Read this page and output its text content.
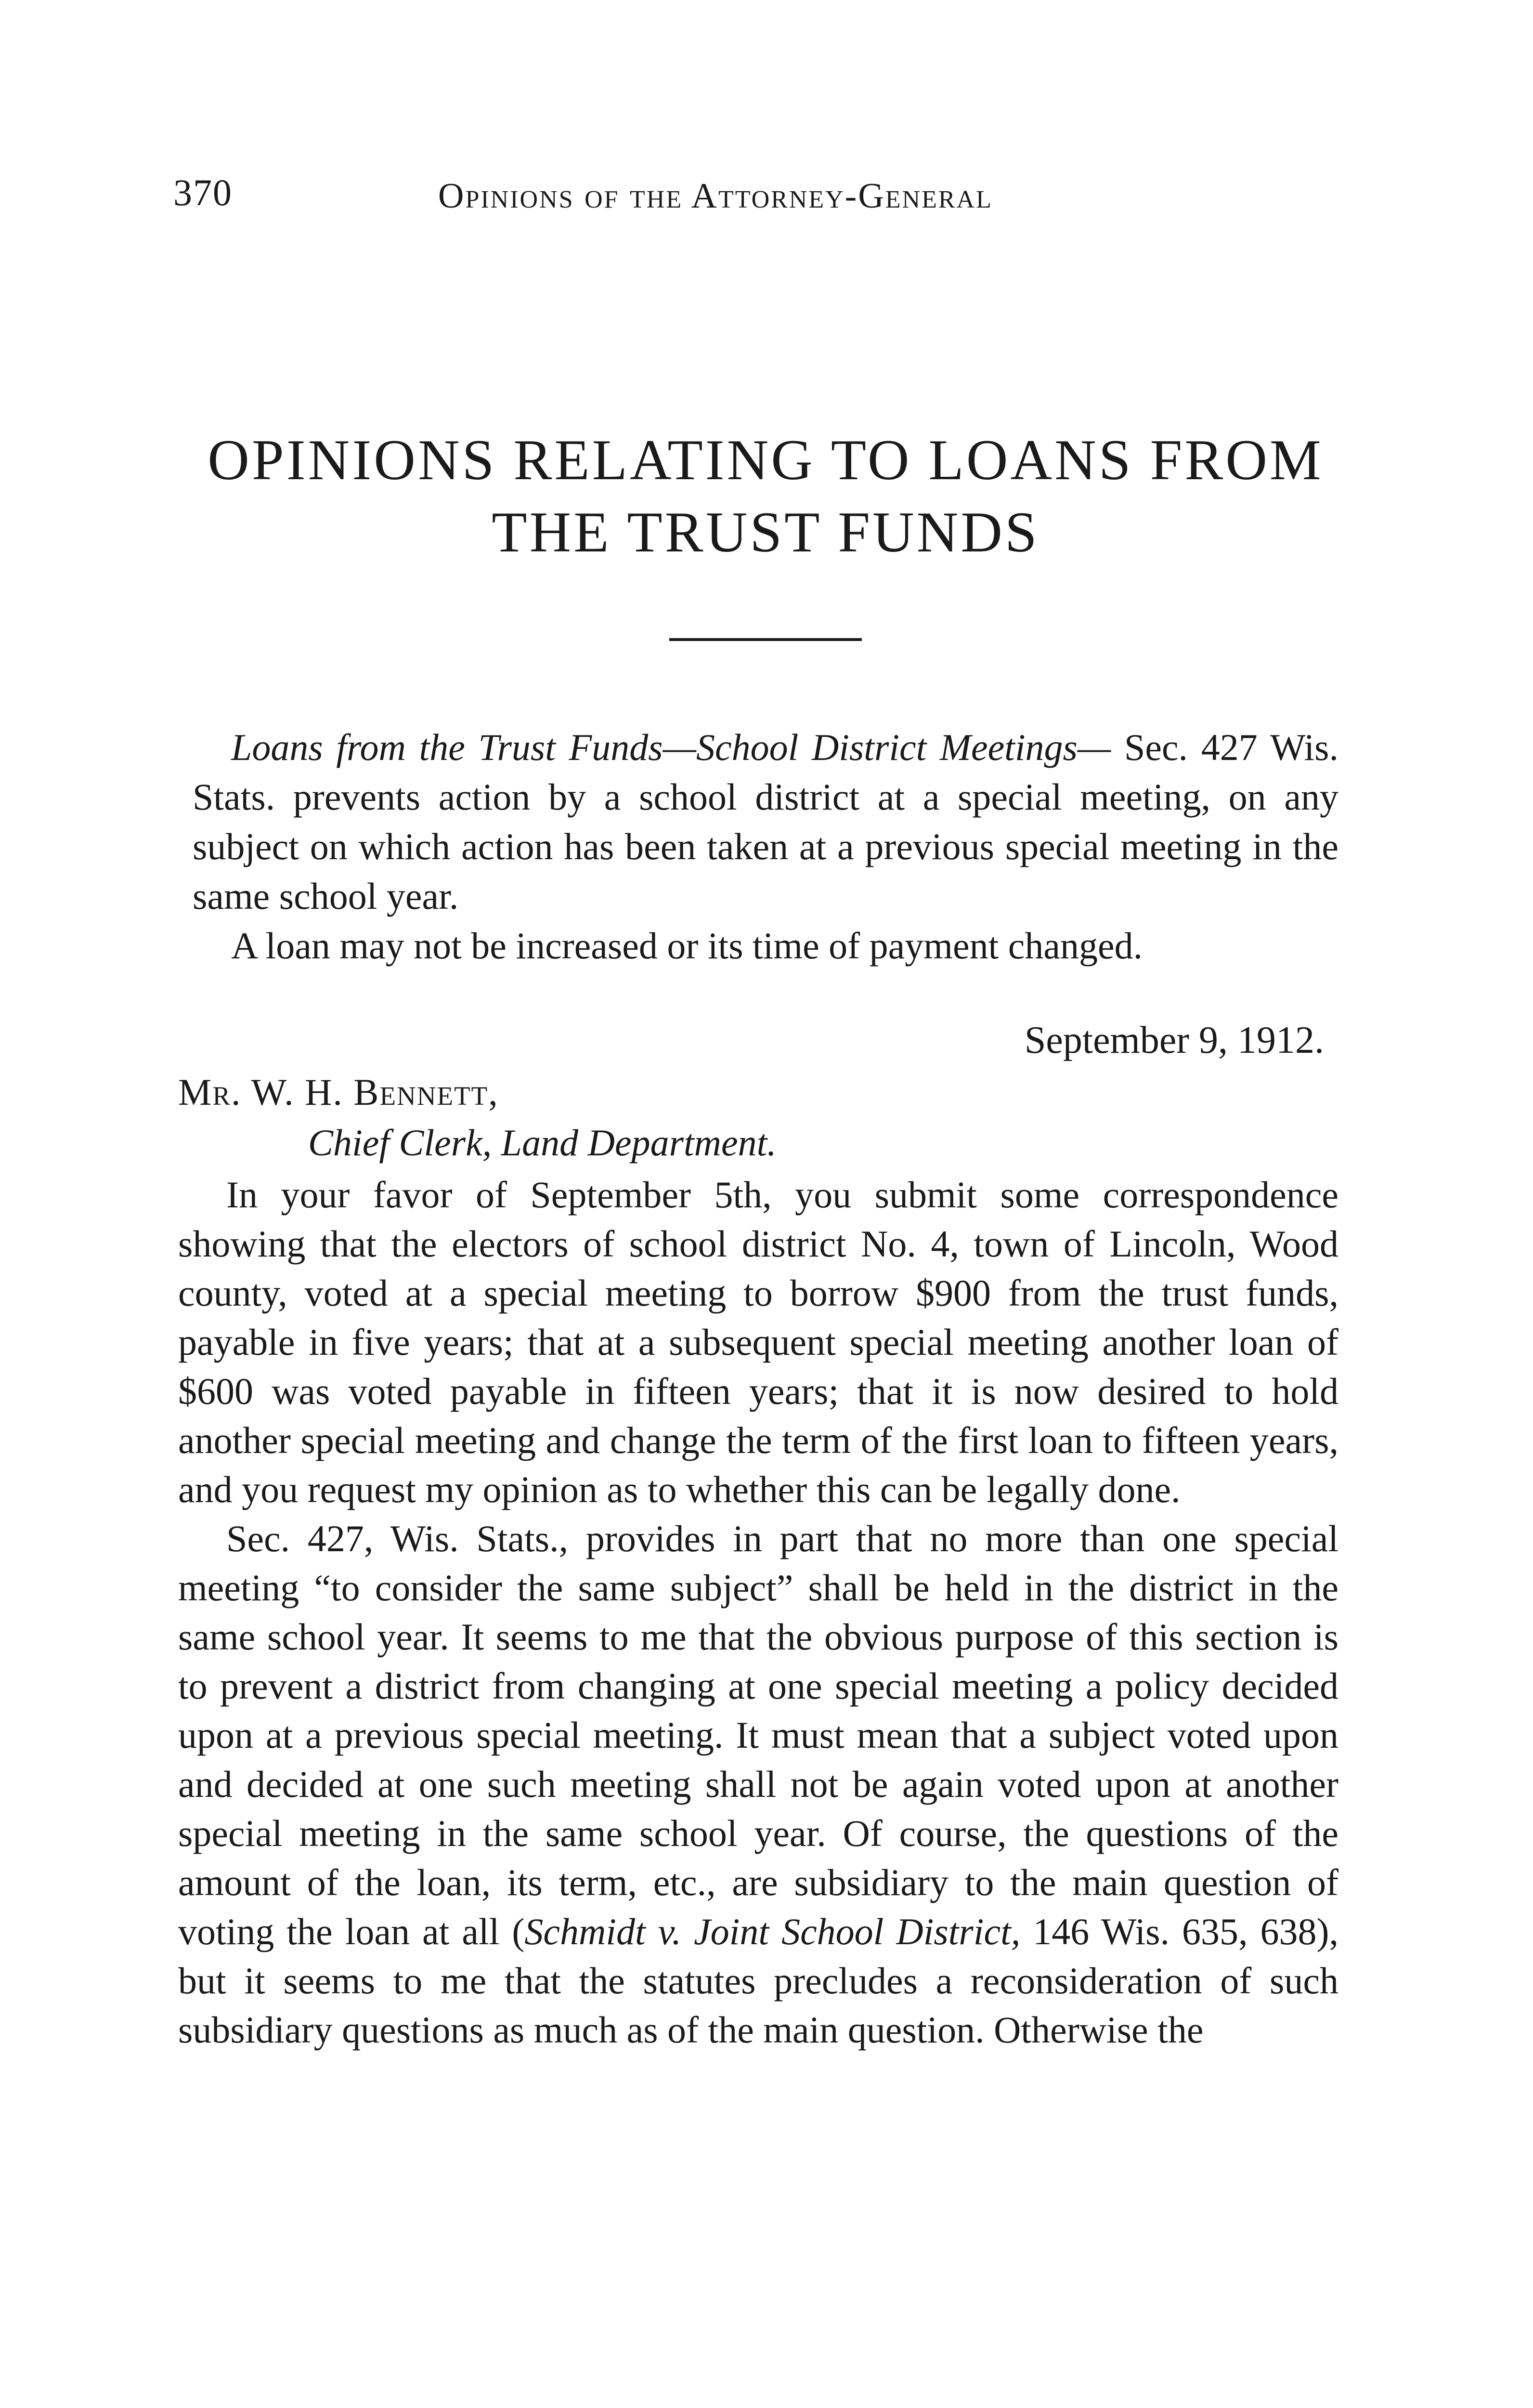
370	Opinions of the Attorney-General
OPINIONS RELATING TO LOANS FROM
THE TRUST FUNDS

Loans from the Trust Funds—School District Meetings— Sec. 427 Wis. Stats. prevents action by a school district at a special meeting, on any subject on which action has been taken at a previous special meeting in the same school year.

A loan may not be increased or its time of payment changed.

September 9, 1912.
Mr. W. H. Bennett,
Chief Clerk, Land Department.

In your favor of September 5th, you submit some correspondence showing that the electors of school district No. 4, town of Lincoln, Wood county, voted at a special meeting to borrow $900 from the trust funds, payable in five years; that at a subsequent special meeting another loan of $600 was voted payable in fifteen years; that it is now desired to hold another special meeting and change the term of the first loan to fifteen years, and you request my opinion as to whether this can be legally done.

Sec. 427, Wis. Stats., provides in part that no more than one special meeting “to consider the same subject” shall be held in the district in the same school year. It seems to me that the obvious purpose of this section is to prevent a district from changing at one special meeting a policy decided upon at a previous special meeting. It must mean that a subject voted upon and decided at one such meeting shall not be again voted upon at another special meeting in the same school year. Of course, the questions of the amount of the loan, its term, etc., are subsidiary to the main question of voting the loan at all (Schmidt v. Joint School District, 146 Wis. 635, 638), but it seems to me that the statutes precludes a reconsideration of such subsidiary questions as much as of the main question. Otherwise the
